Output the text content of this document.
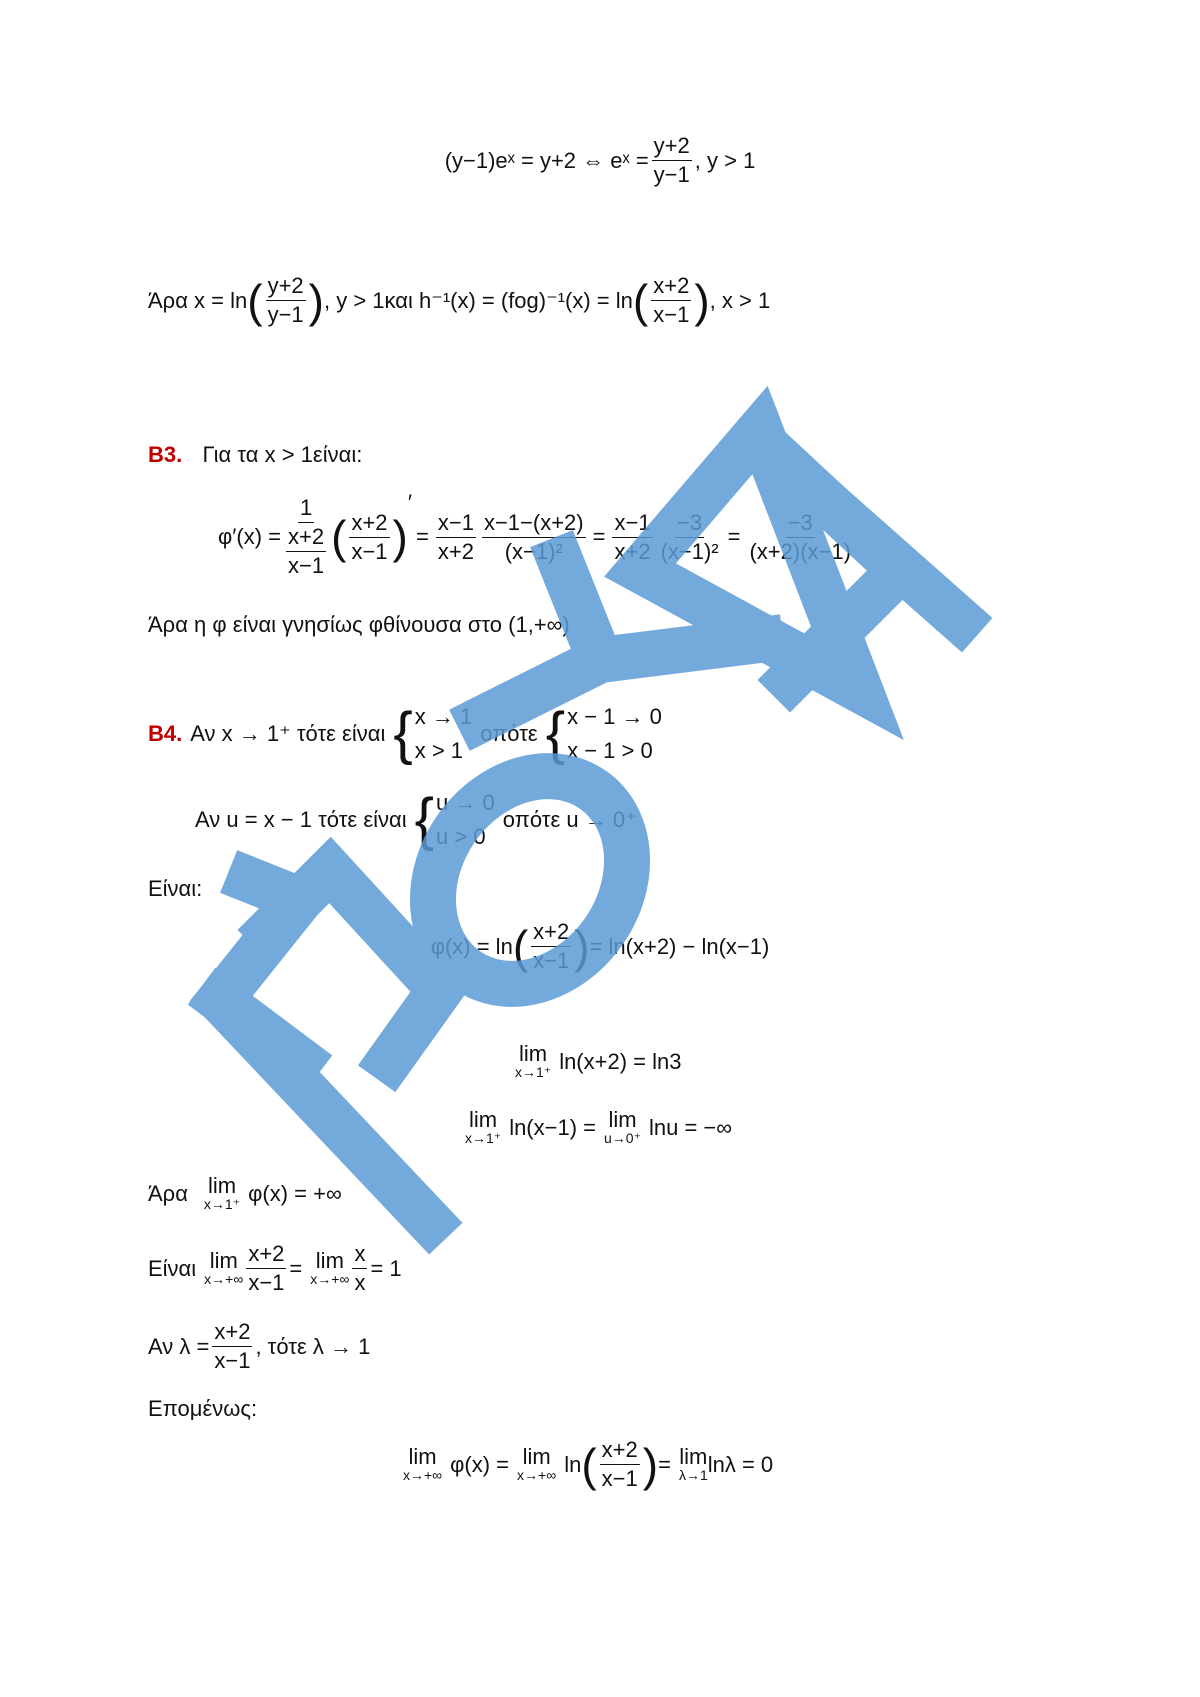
(y−1)eˣ = y+2 ⇔ eˣ = $\frac{y+2}{y-1}$ , y > 1
Άρα x = ln ( $\frac{y+2}{y-1}$ ) , y > 1και h⁻¹(x) = (fog)⁻¹(x) = ln ( $\frac{x+2}{x-1}$ ) , x > 1
B3. Για τα x > 1είναι:
φ′(x) = 1
x+2
x−1 ( $\frac{x+2}{x-1}$ )
′
= $\frac{x-1}{x+2} \frac{x-1-(x+2)}{\text{(x−1)²}} = \frac{x-1}{x+2} \frac{-3}{\text{(x−1)²}} = \frac{-3}{(x+2)(x-1)}$
Άρα η φ είναι γνησίως φθίνουσα στο (1,+∞)
B4. Αν x → 1⁺ τότε είναι { x → 1
x > 1
οπότε { x − 1 → 0
x − 1 > 0
Αν u = x − 1 τότε είναι { u → 0
u > 0
οπότε u → 0⁺
Είναι:
φ(x) = ln ( $\frac{x+2}{x-1}$ ) = ln(x+2) − ln(x−1)
lim
x→1⁺ ln(x+2) = ln3
lim
x→1⁺ ln(x−1) = lim
u→0⁺ lnu = −∞
Άρα lim
x→1⁺ φ(x) = +∞
Είναι lim
$x\to+\infty \frac{x+2}{x-1} = \lim$
$x\to+\infty \frac{x}{x} = 1$
Αν $\lambda = \frac{x+2}{x-1}$ , τότε λ → 1
Επομένως:
lim
x→+∞ φ(x) = lim
x→+∞ ln ( $\frac{x+2}{x-1}$ ) = lim
λ→1 lnλ = 0
